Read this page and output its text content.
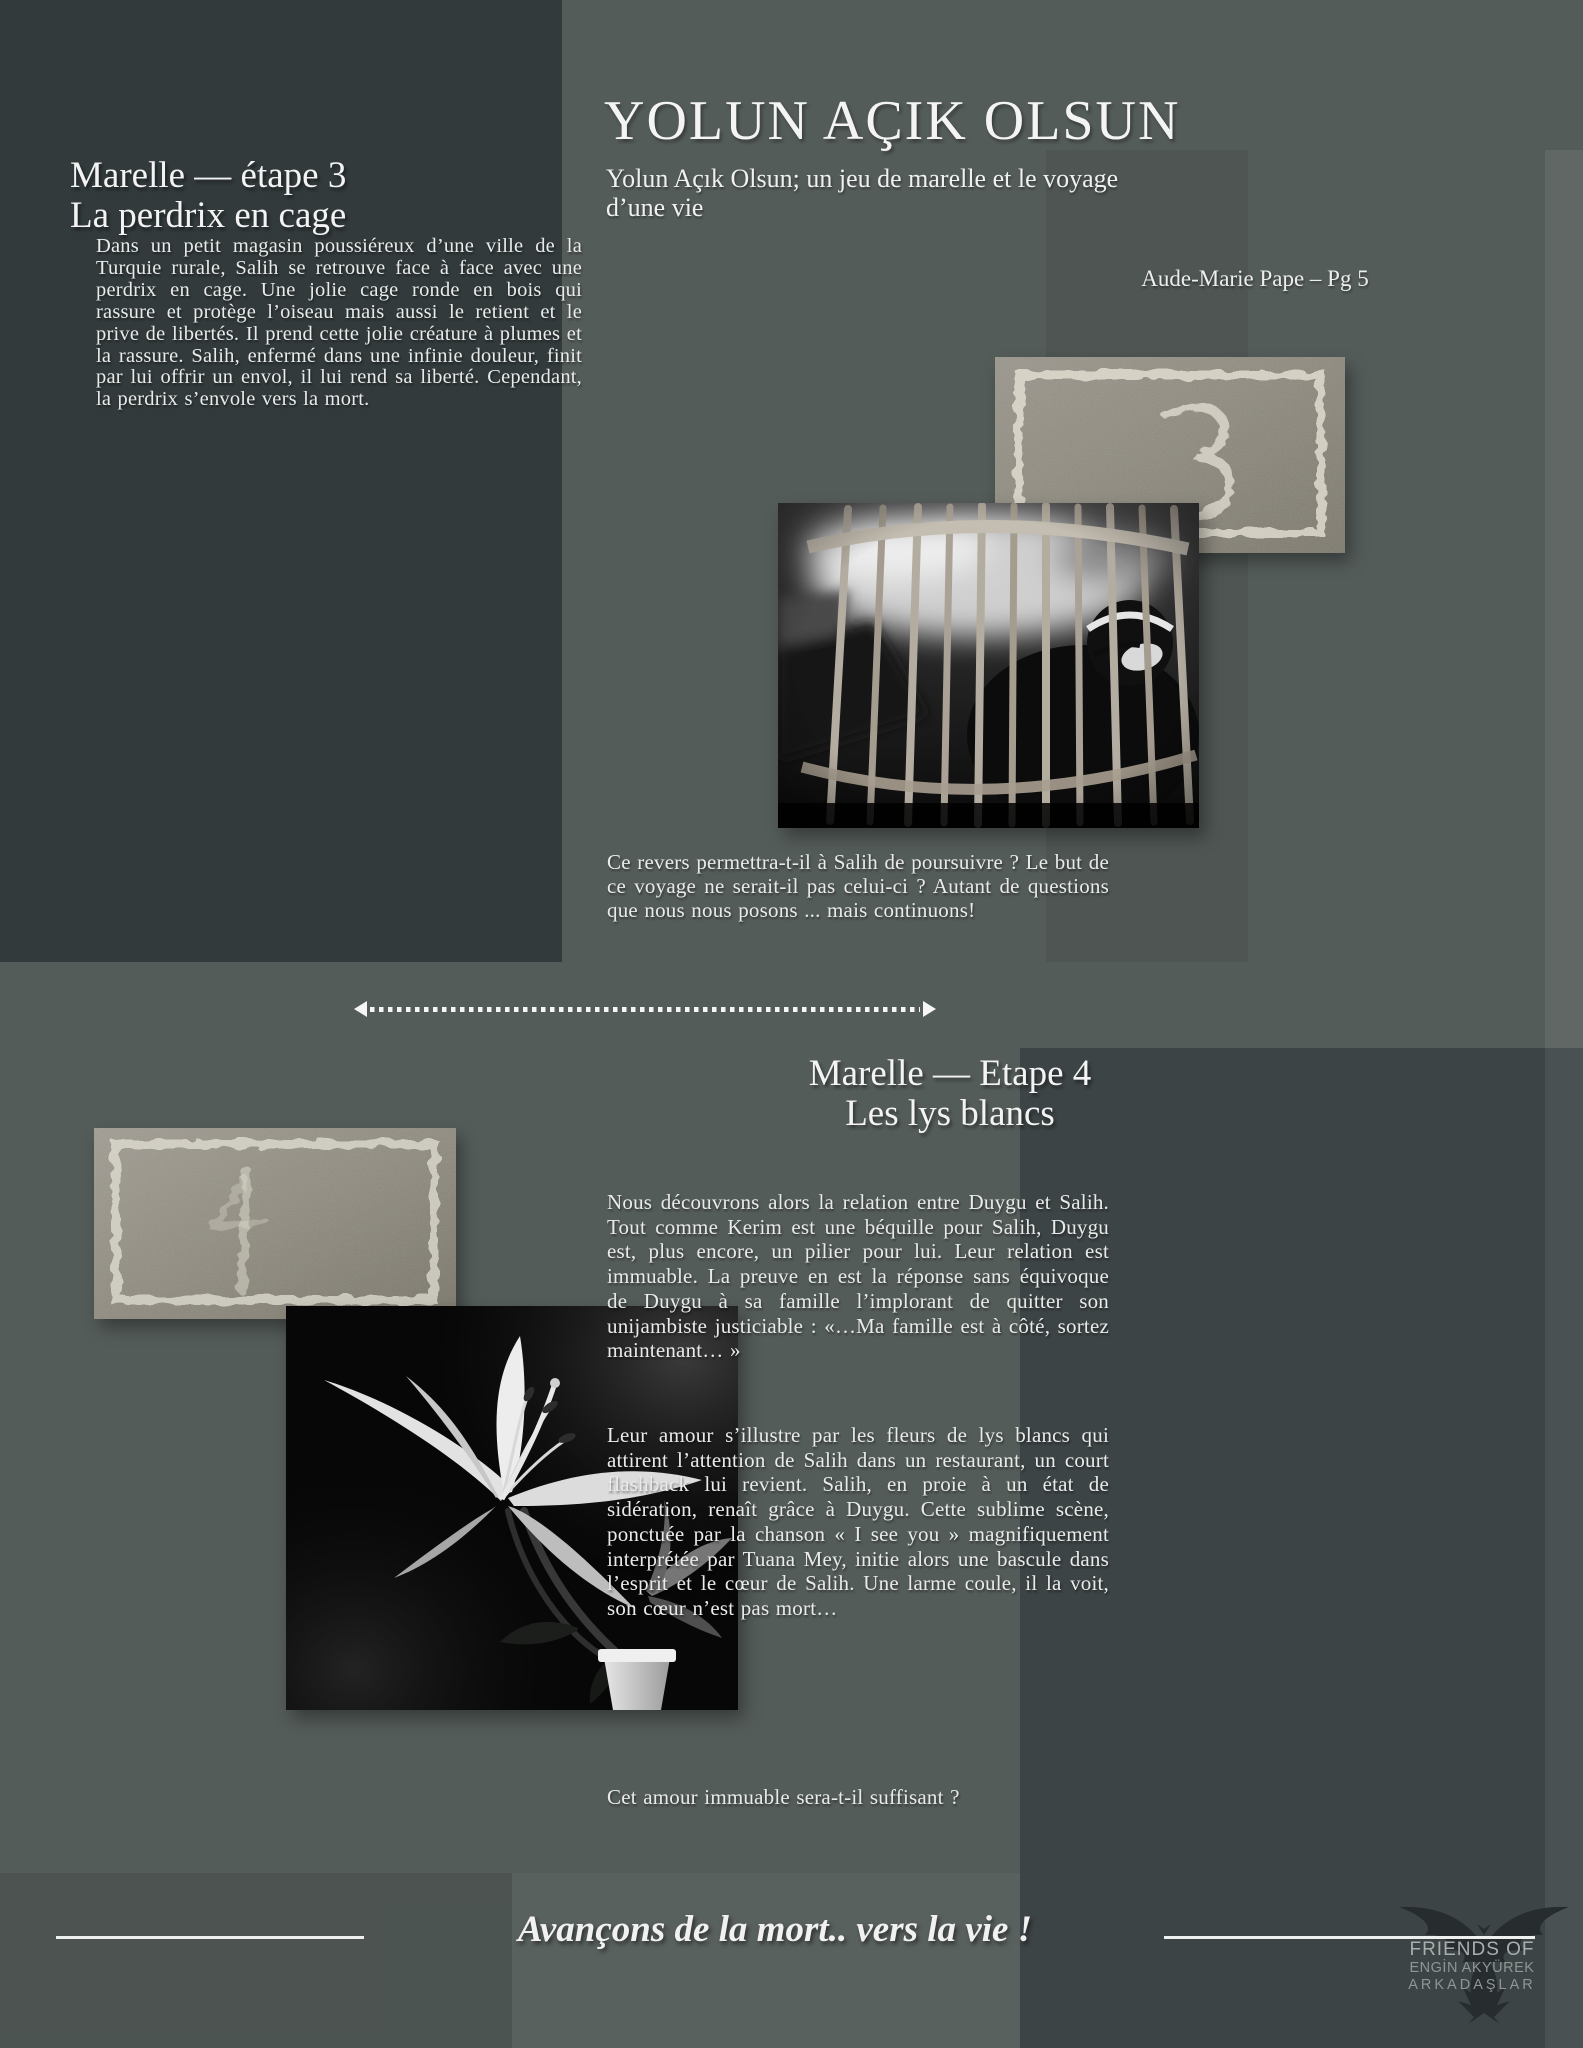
YOLUN AÇIK OLSUN

Yolun Açık Olsun; un jeu de marelle et le voyage d’une vie

Aude-Marie Pape – Pg 5

Marelle — étape 3
La perdrix en cage

Dans un petit magasin poussiéreux d’une ville de la Turquie rurale, Salih se retrouve face à face avec une perdrix en cage. Une jolie cage ronde en bois qui rassure et protège l’oiseau mais aussi le retient et le prive de libertés. Il prend cette jolie créature à plumes et la rassure. Salih, enfermé dans une infinie douleur, finit par lui offrir un envol, il lui rend sa liberté. Cependant, la perdrix s’envole vers la mort.

Ce revers permettra-t-il à Salih de poursuivre ? Le but de ce voyage ne serait-il pas celui-ci ? Autant de questions que nous nous posons ... mais continuons!

Marelle — Etape 4
Les lys blancs

Nous découvrons alors la relation entre Duygu et Salih. Tout comme Kerim est une béquille pour Salih, Duygu est, plus encore, un pilier pour lui. Leur relation est immuable. La preuve en est la réponse sans équivoque de Duygu à sa famille l’implorant de quitter son unijambiste justiciable : «…Ma famille est à côté, sortez maintenant… »

Leur amour s’illustre par les fleurs de lys blancs qui attirent l’attention de Salih dans un restaurant, un court flashback lui revient. Salih, en proie à un état de sidération, renaît grâce à Duygu. Cette sublime scène, ponctuée par la chanson « I see you » magnifiquement interprétée par Tuana Mey, initie alors une bascule dans l’esprit et le cœur de Salih. Une larme coule, il la voit, son cœur n’est pas mort…

Cet amour immuable sera-t-il suffisant ?

Avançons de la mort.. vers la vie !	FRIENDS OF
ENGİN AKYÜREK
ARKADAŞLAR
